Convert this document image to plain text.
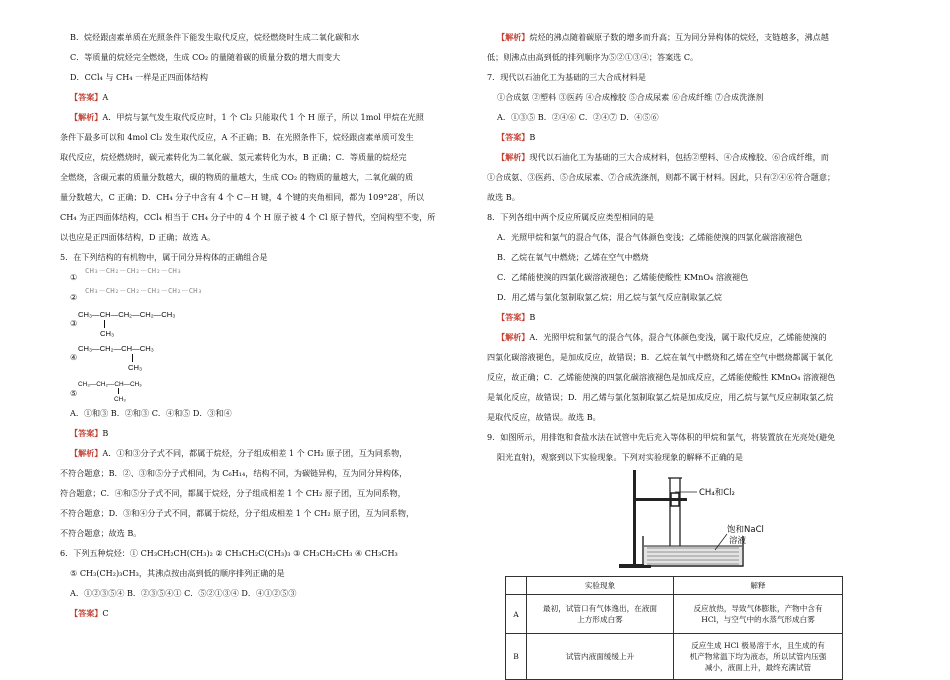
B．烷烃跟卤素单质在光照条件下能发生取代反应，烷烃燃烧时生成二氧化碳和水

C．等质量的烷烃完全燃烧，生成 CO₂ 的量随着碳的质量分数的增大而变大

D．CCl₄ 与 CH₄ 一样是正四面体结构

【答案】A

【解析】A．甲烷与氯气发生取代反应时，1 个 Cl₂ 只能取代 1 个 H 原子，所以 1mol 甲烷在光照

条件下最多可以和 4mol Cl₂ 发生取代反应，A 不正确；B．在光照条件下，烷烃跟卤素单质可发生

取代反应，烷烃燃烧时，碳元素转化为二氧化碳、氢元素转化为水，B 正确；C．等质量的烷烃完

全燃烧，含碳元素的质量分数越大，碳的物质的量越大，生成 CO₂ 的物质的量越大，二氧化碳的质

量分数越大，C 正确；D．CH₄ 分子中含有 4 个 C－H 键，4 个键的夹角相同，都为 109°28′，所以

CH₄ 为正四面体结构，CCl₄ 相当于 CH₄ 分子中的 4 个 H 原子被 4 个 Cl 原子替代，空间构型不变，所

以也应是正四面体结构，D 正确；故选 A。

5．在下列结构的有机物中，属于同分异构体的正确组合是

①
CH₃－CH₂－CH₂－CH₂－CH₃
②
CH₃－CH₂－CH₂－CH₂－CH₂－CH₃
③
CH₃—CH—CH₂—CH₂—CH₃
CH₃
④
CH₃—CH₂—CH—CH₃
CH₃
⑤
CH₃—CH₂—CH—CH₃
CH₃

A．①和③ B．②和③ C．④和⑤ D．③和④

【答案】B

【解析】A．①和③分子式不同，都属于烷烃，分子组成相差 1 个 CH₂ 原子团，互为同系物，

不符合题意；B．②、③和⑤分子式相同，为 C₆H₁₄，结构不同，为碳链异构，互为同分异构体，

符合题意；C．④和⑤分子式不同，都属于烷烃，分子组成相差 1 个 CH₂ 原子团，互为同系物，

不符合题意；D．③和④分子式不同，都属于烷烃，分子组成相差 1 个 CH₂ 原子团，互为同系物，

不符合题意；故选 B。

6．下列五种烷烃：① CH₃CH₂CH(CH₃)₂ ② CH₃CH₂C(CH₃)₃ ③ CH₃CH₂CH₃ ④ CH₃CH₃

⑤ CH₃(CH₂)₃CH₃，其沸点按由高到低的顺序排列正确的是

A．①②③⑤④ B．②③⑤④① C．⑤②①③④ D．④①②⑤③

【答案】C

【解析】烷烃的沸点随着碳原子数的增多而升高；互为同分异构体的烷烃，支链越多，沸点越

低；则沸点由高到低的排列顺序为⑤②①③④；答案选 C。

7．现代以石油化工为基础的三大合成材料是

①合成氨 ②塑料 ③医药 ④合成橡胶 ⑤合成尿素 ⑥合成纤维 ⑦合成洗涤剂

A．①③⑤ B．②④⑥ C．②④⑦ D．④⑤⑥

【答案】B

【解析】现代以石油化工为基础的三大合成材料，包括②塑料、④合成橡胶、⑥合成纤维，而

①合成氨、③医药、⑤合成尿素、⑦合成洗涤剂，则都不属于材料。因此，只有②④⑥符合题意；

故选 B。

8．下列各组中两个反应所属反应类型相同的是

A．光照甲烷和氯气的混合气体，混合气体颜色变浅；乙烯能使溴的四氯化碳溶液褪色

B．乙烷在氧气中燃烧；乙烯在空气中燃烧

C．乙烯能使溴的四氯化碳溶液褪色；乙烯能使酸性 KMnO₄ 溶液褪色

D．用乙烯与氯化氢制取氯乙烷；用乙烷与氯气反应制取氯乙烷

【答案】B

【解析】A．光照甲烷和氯气的混合气体，混合气体颜色变浅，属于取代反应，乙烯能使溴的

四氯化碳溶液褪色，是加成反应，故错误；B．乙烷在氧气中燃烧和乙烯在空气中燃烧都属于氧化

反应，故正确；C．乙烯能使溴的四氯化碳溶液褪色是加成反应，乙烯能使酸性 KMnO₄ 溶液褪色

是氧化反应，故错误；D．用乙烯与氯化氢制取氯乙烷是加成反应，用乙烷与氯气反应制取氯乙烷

是取代反应，故错误。故选 B。

9．如图所示，用排饱和食盐水法在试管中先后充入等体积的甲烷和氯气，将装置放在光亮处(避免

阳光直射)，观察到以下实验现象。下列对实验现象的解释不正确的是

CH₄和Cl₂
饱和NaCl
溶液
	实验现象	解释
A	最初，试管口有气体逸出，在液面上方形成白雾	反应放热，导致气体膨胀，产物中含有 HCl，与空气中的水蒸气形成白雾
B	试管内液面缓缓上升	反应生成 HCl 极易溶于水，且生成的有机产物常温下均为液态，所以试管内压强减小，液面上升，最终充满试管
